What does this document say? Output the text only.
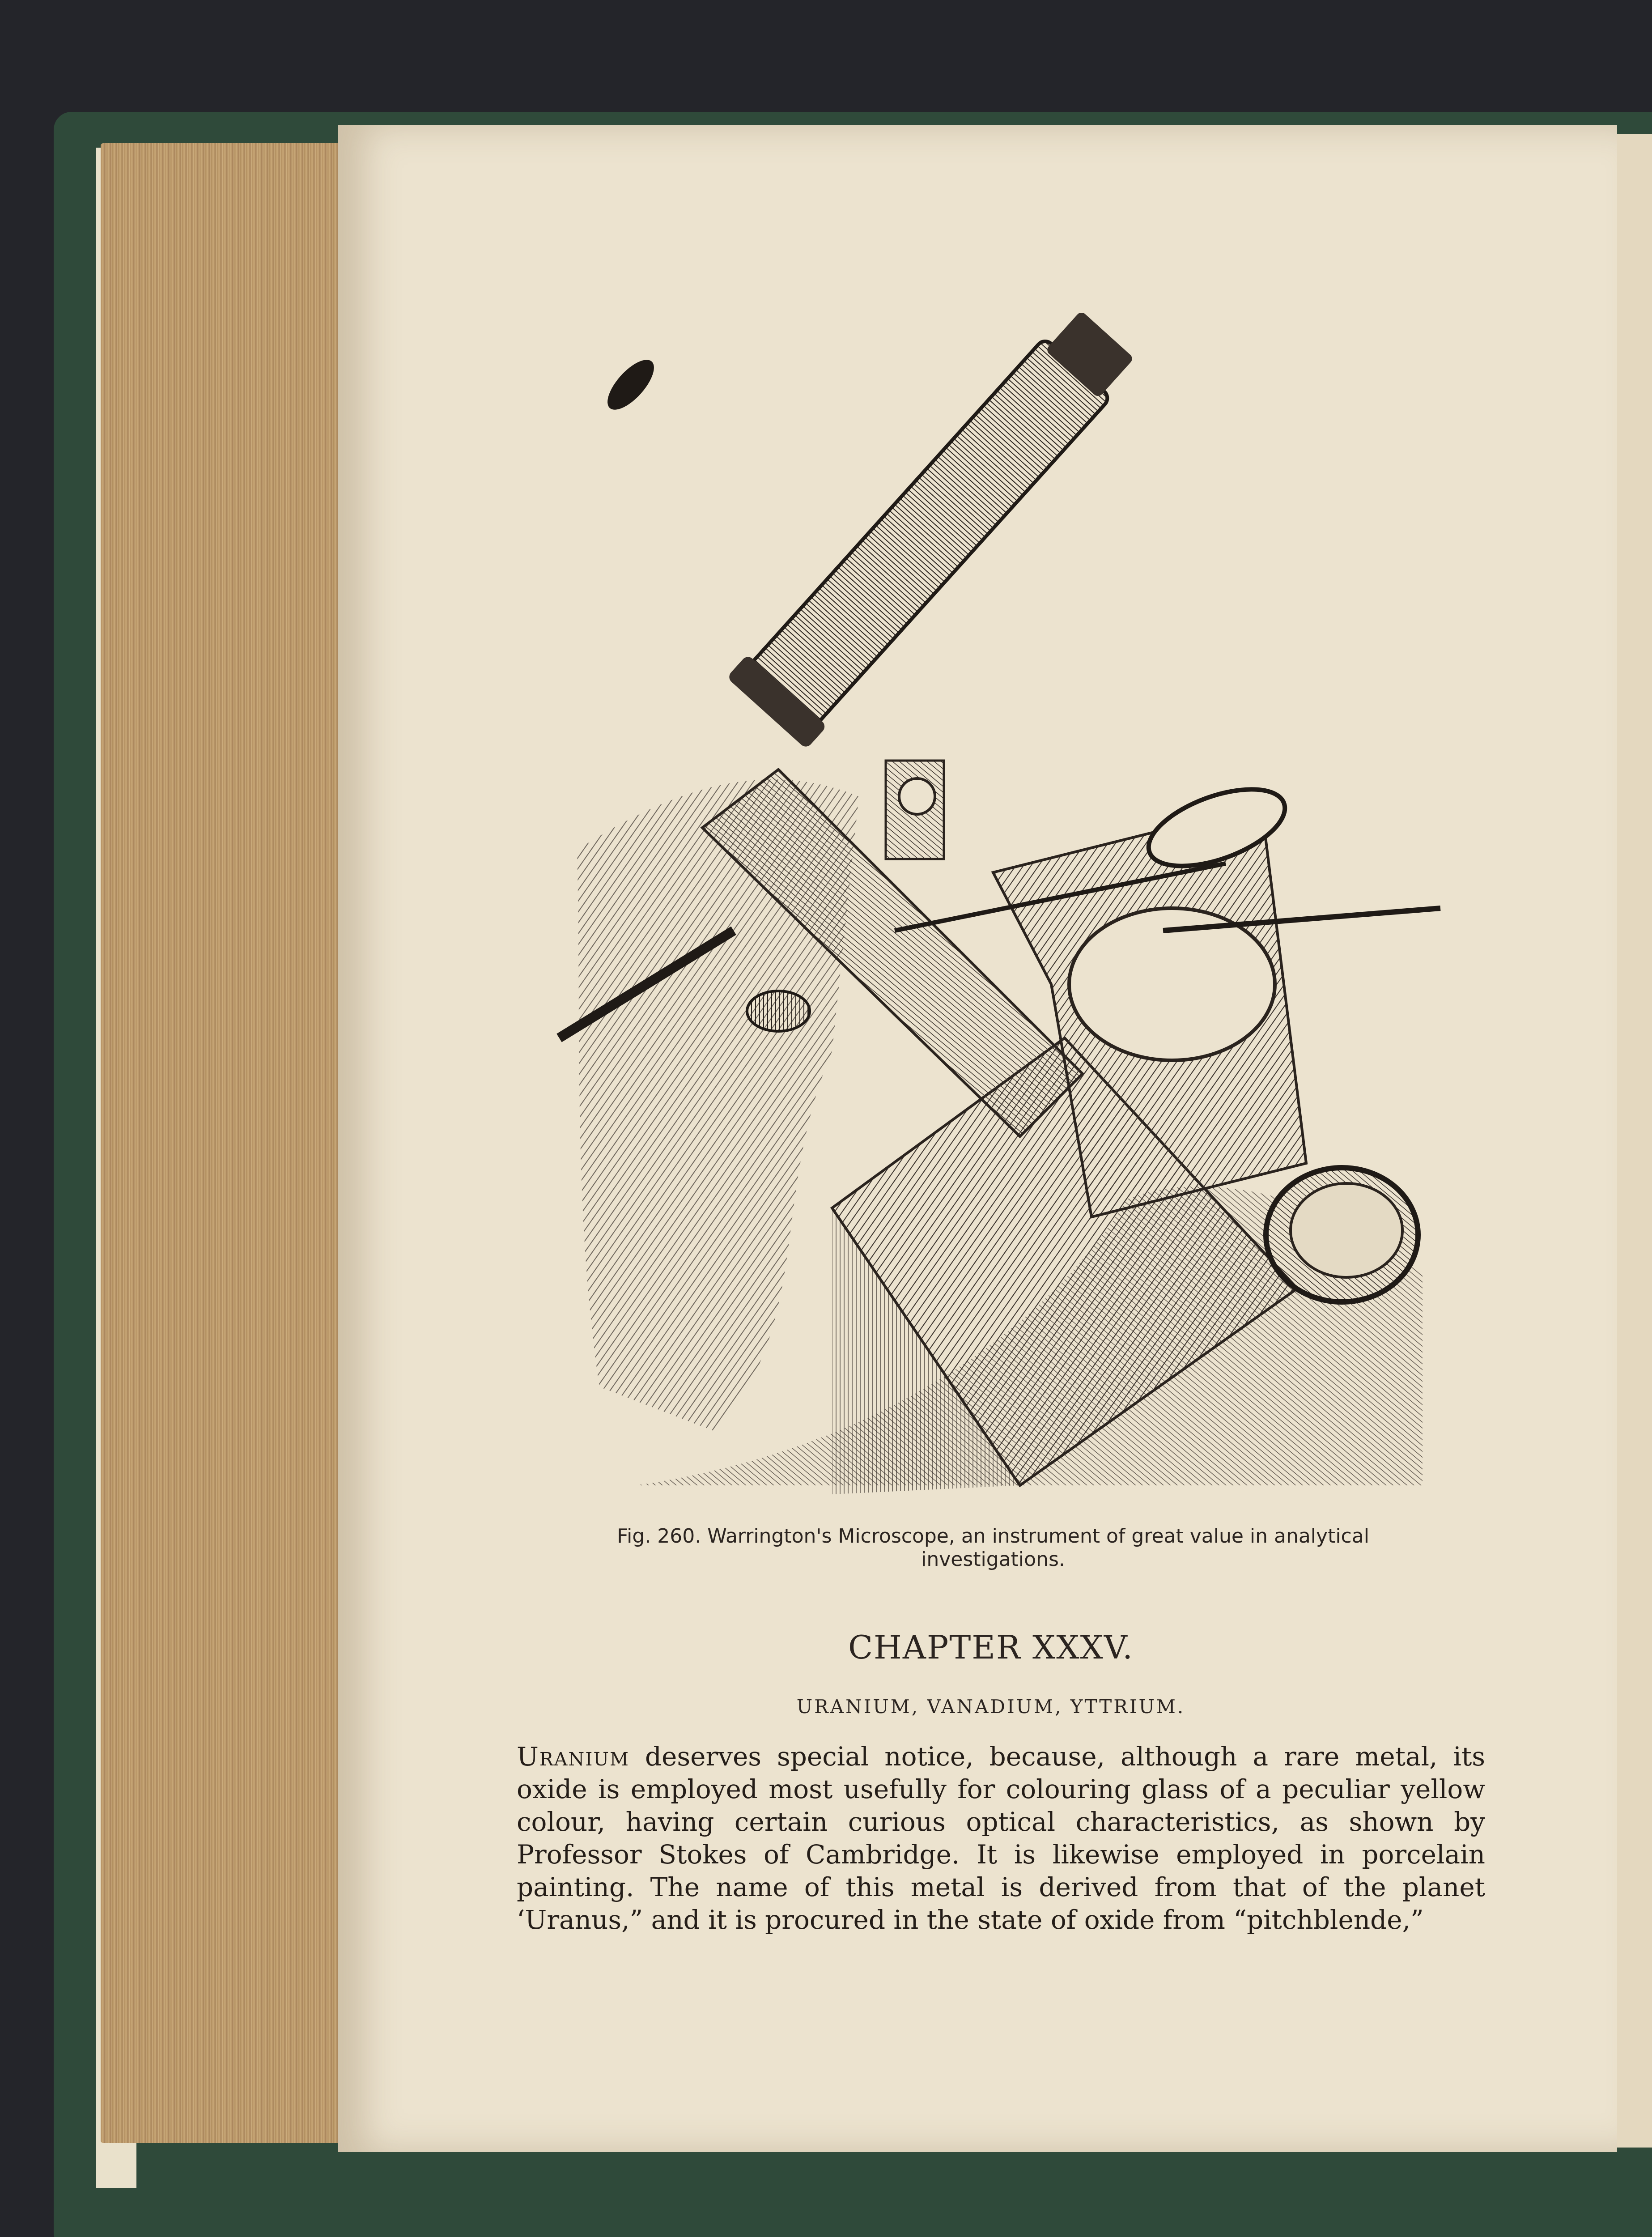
Fig. 260. Warrington's Microscope, an instrument of great value in analytical
investigations.
CHAPTER XXXV.
URANIUM, VANADIUM, YTTRIUM.
Uranium deserves special notice, because, although a rare metal, its oxide is employed most usefully for colouring glass of a peculiar yellow colour, having certain curious optical characteristics, as shown by Professor Stokes of Cambridge. It is likewise employed in porcelain painting. The name of this metal is derived from that of the planet ‘Uranus,” and it is procured in the state of oxide from “pitchblende,”
